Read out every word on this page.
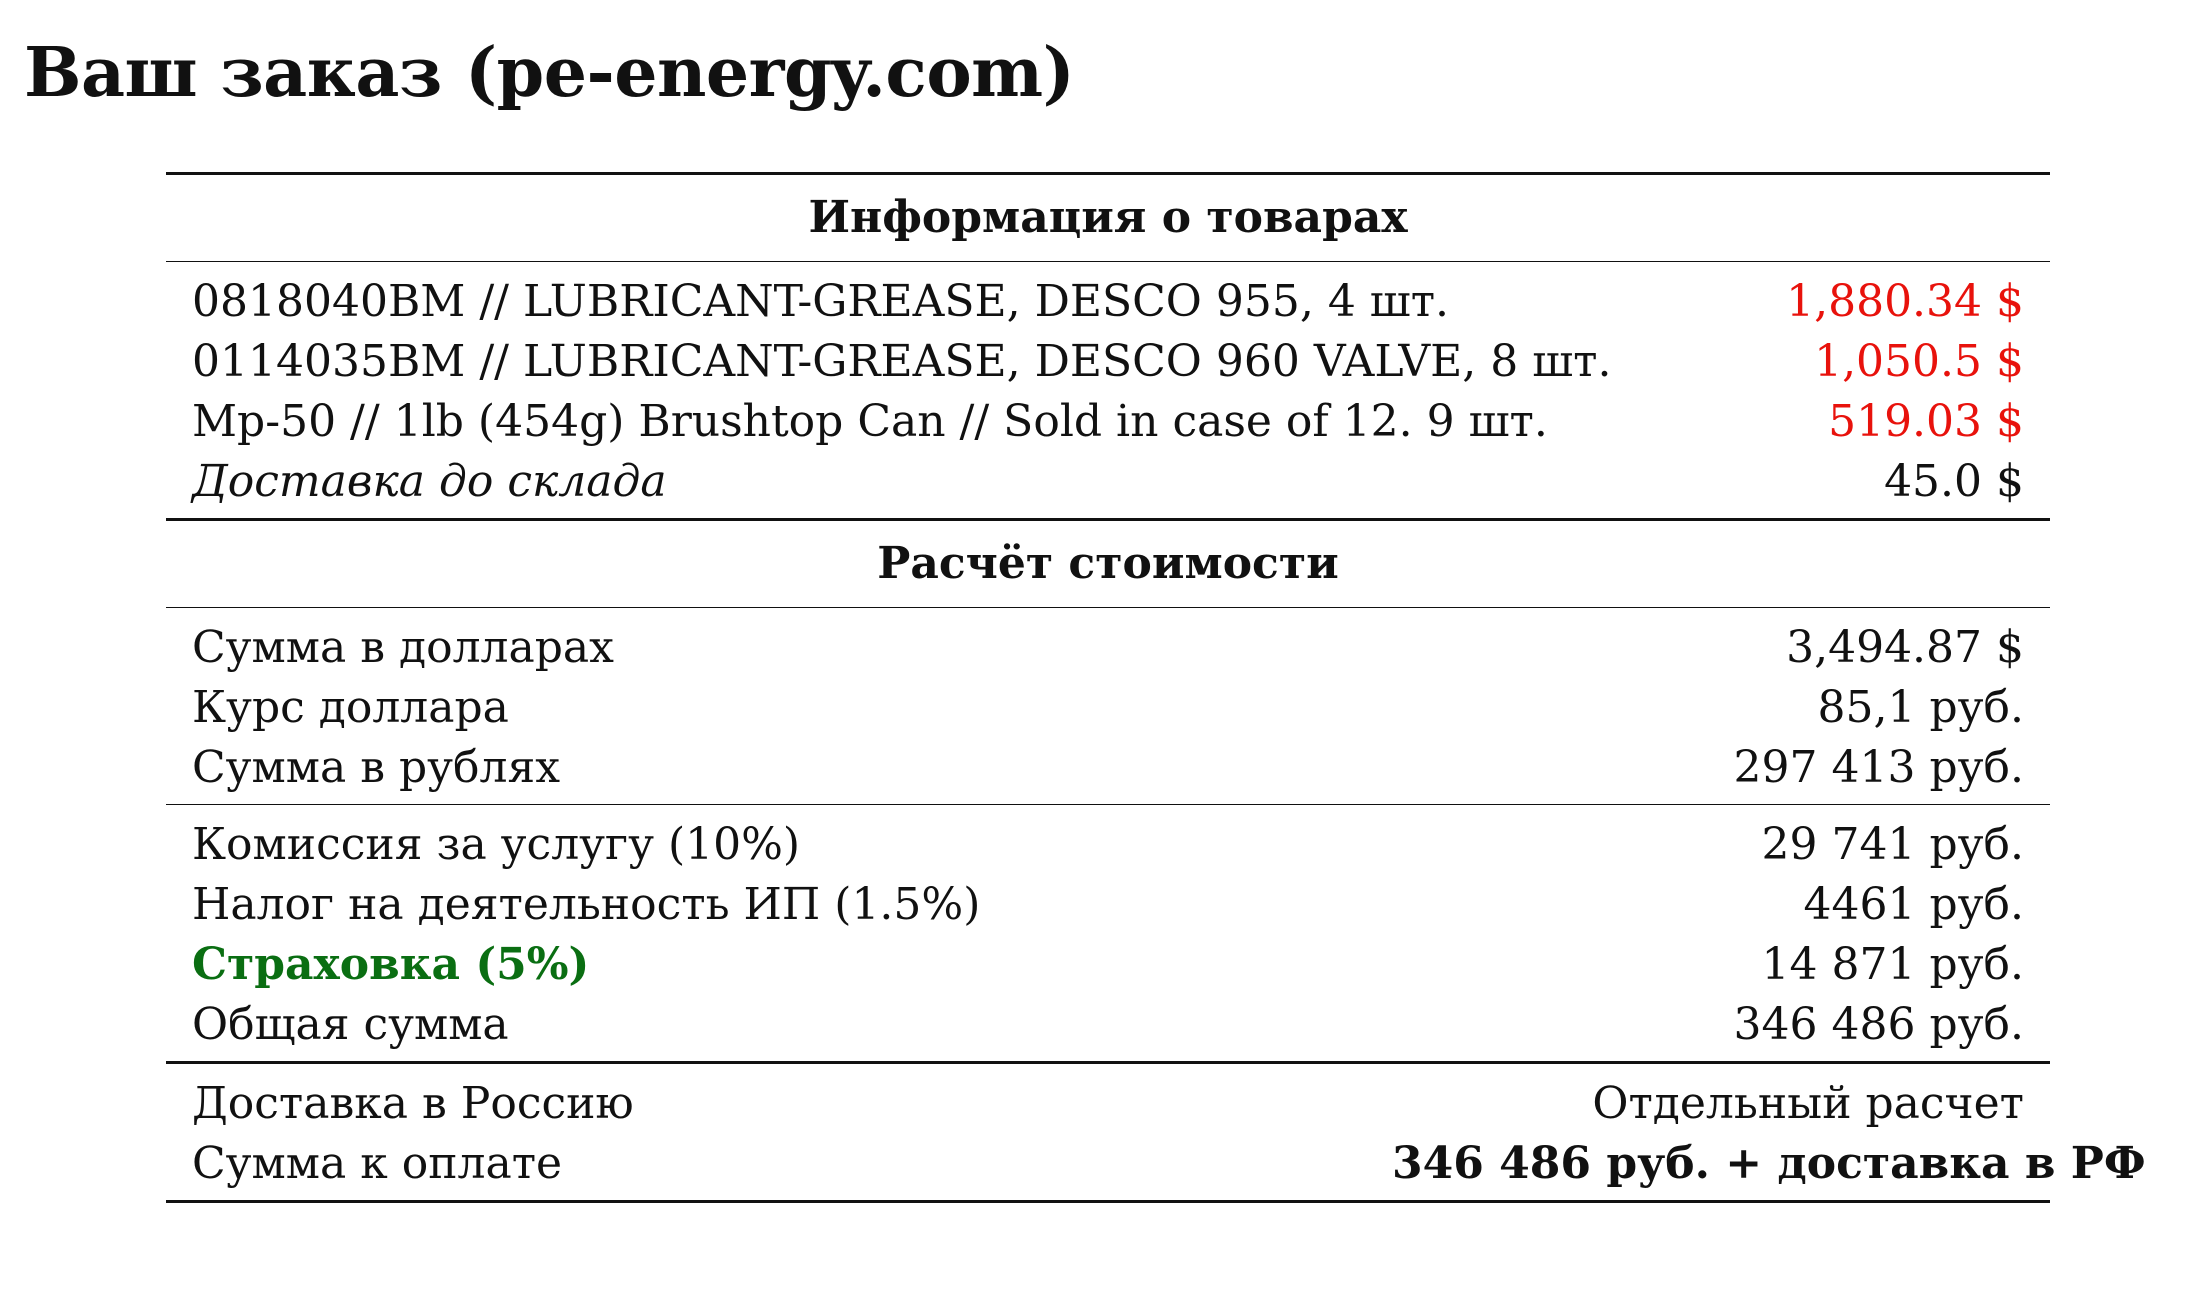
Ваш заказ (pe-energy.com)
Информация о товарах	
0818040BM // LUBRICANT-GREASE, DESCO 955, 4 шт.	1,880.34 $
0114035BM // LUBRICANT-GREASE, DESCO 960 VALVE, 8 шт.	1,050.5 $
Mp-50 // 1lb (454g) Brushtop Can // Sold in case of 12. 9 шт.	519.03 $
Доставка до склада	45.0 $
Расчёт стоимости	
Сумма в долларах	3,494.87 $
Курс доллара	85,1 руб.
Сумма в рублях	297 413 руб.
Комиссия за услугу (10%)	29 741 руб.
Налог на деятельность ИП (1.5%)	4461 руб.
Страховка (5%)	14 871 руб.
Общая сумма	346 486 руб.
Доставка в Россию	Отдельный расчет
Сумма к оплате	346 486 руб. + доставка в РФ
